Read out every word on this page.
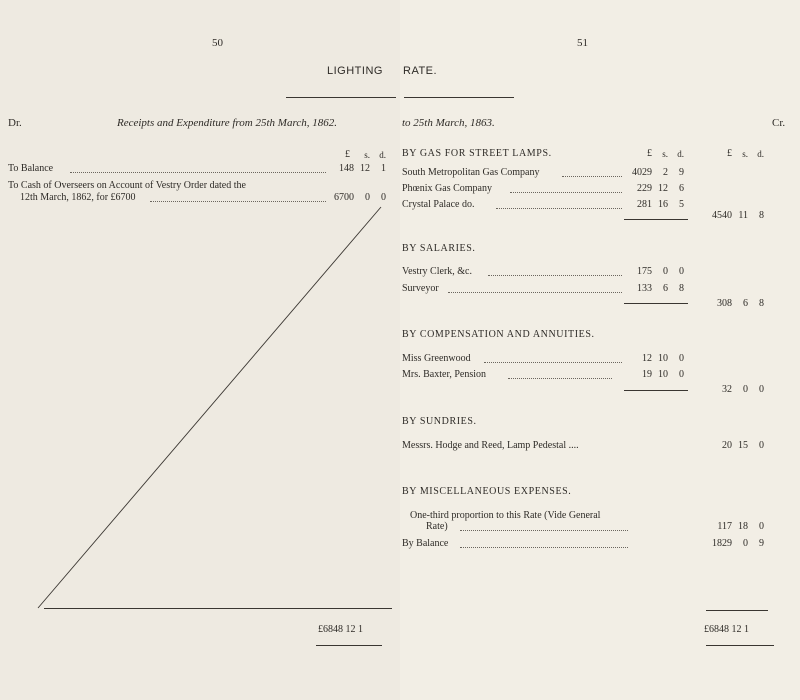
50	51
LIGHTING RATE.
Dr.	Receipts and Expenditure from 25th March, 1862.	to 25th March, 1863.	Cr.
£	s.	d.
To Balance	148 12	1
To Cash of Overseers on Account of Vestry Order dated the
12th March, 1862, for £6700	6700	0	0
£6848 12 1
BY GAS FOR STREET LAMPS.	£	s.	d.	£	s.	d.
South Metropolitan Gas Company	4029	2	9
Phœnix Gas Company	229 12	6
Crystal Palace do.	281 16	5
4540 11	8
BY SALARIES.
Vestry Clerk, &c.	175	0	0
Surveyor	133	6	8
308	6	8
BY COMPENSATION AND ANNUITIES.
Miss Greenwood	12 10	0
Mrs. Baxter, Pension	19 10	0
32	0	0
BY SUNDRIES.
Messrs. Hodge and Reed, Lamp Pedestal ....	20 15	0
BY MISCELLANEOUS EXPENSES.
One-third proportion to this Rate (Vide General
Rate)	117 18	0
By Balance	1829	0	9
£6848 12 1
